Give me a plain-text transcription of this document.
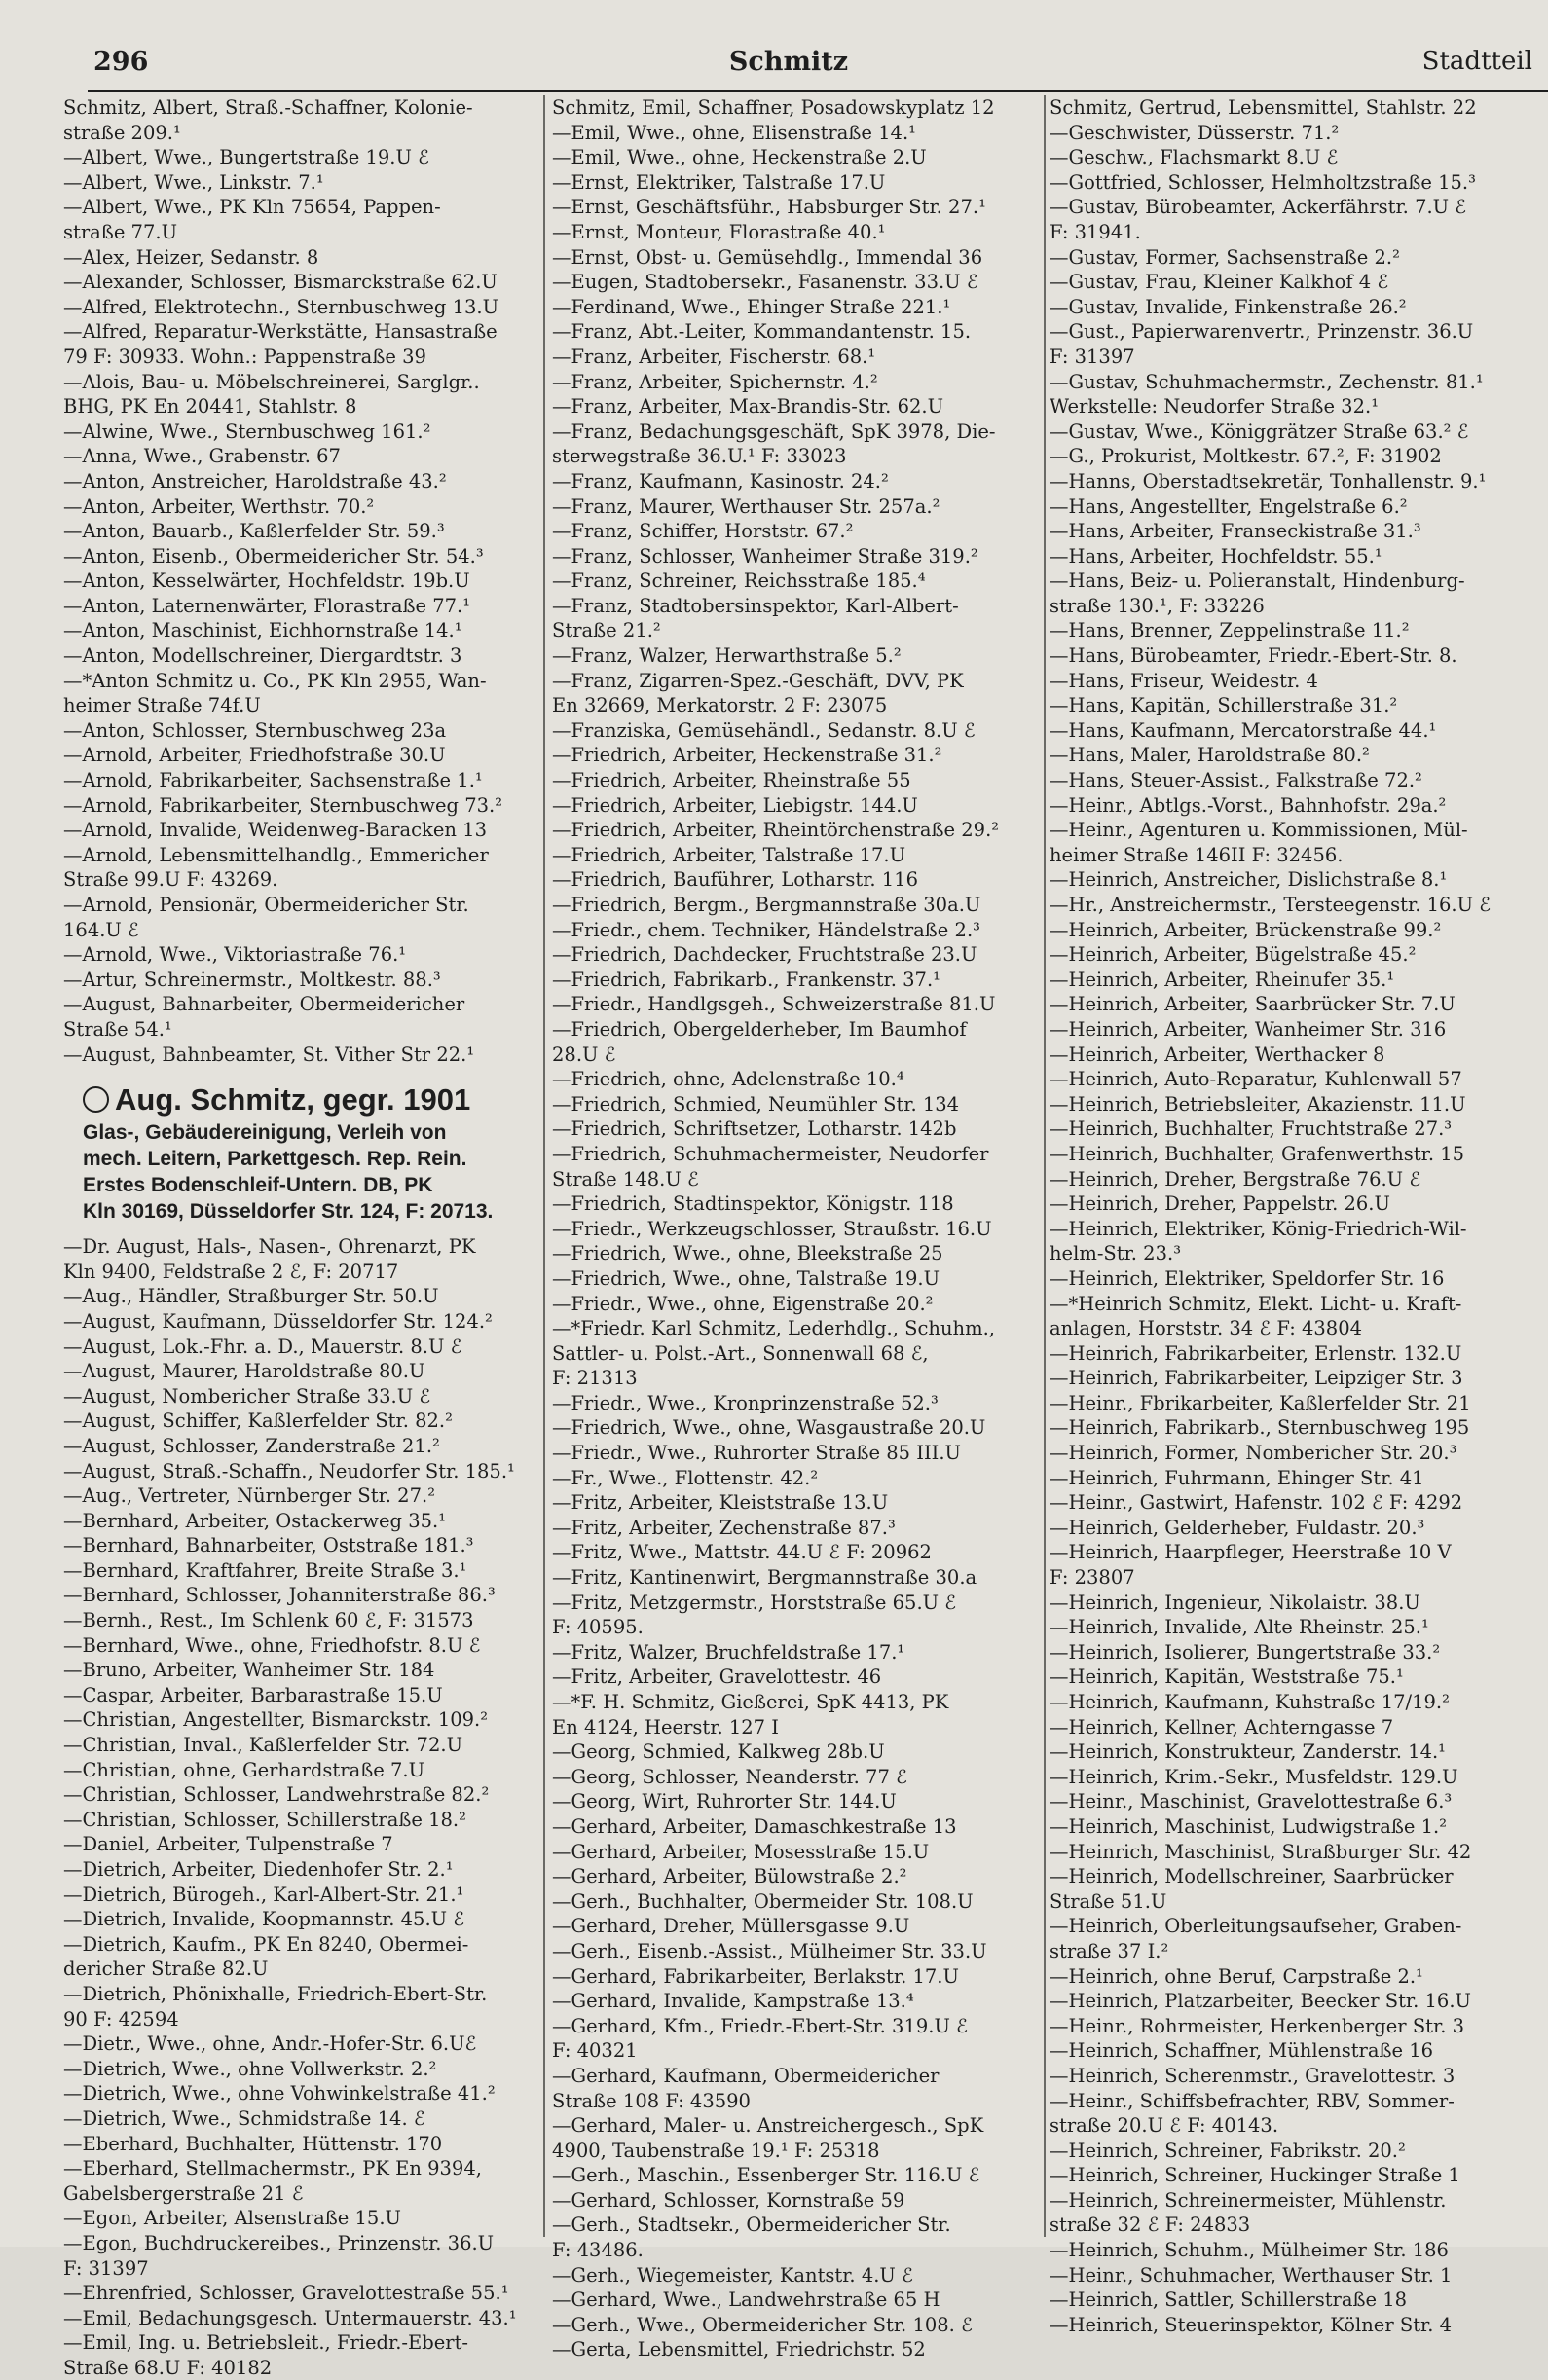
296	Schmitz	Stadtteil
Schmitz, Albert, Straß.-Schaffner, Kolonie-
straße 209.¹
—Albert, Wwe., Bungertstraße 19.U ℰ
—Albert, Wwe., Linkstr. 7.¹
—Albert, Wwe., PK Kln 75654, Pappen-
straße 77.U
—Alex, Heizer, Sedanstr. 8
—Alexander, Schlosser, Bismarckstraße 62.U
—Alfred, Elektrotechn., Sternbuschweg 13.U
—Alfred, Reparatur-Werkstätte, Hansastraße
79 F: 30933. Wohn.: Pappenstraße 39
—Alois, Bau- u. Möbelschreinerei, Sarglgr..
BHG, PK En 20441, Stahlstr. 8
—Alwine, Wwe., Sternbuschweg 161.²
—Anna, Wwe., Grabenstr. 67
—Anton, Anstreicher, Haroldstraße 43.²
—Anton, Arbeiter, Werthstr. 70.²
—Anton, Bauarb., Kaßlerfelder Str. 59.³
—Anton, Eisenb., Obermeidericher Str. 54.³
—Anton, Kesselwärter, Hochfeldstr. 19b.U
—Anton, Laternenwärter, Florastraße 77.¹
—Anton, Maschinist, Eichhornstraße 14.¹
—Anton, Modellschreiner, Diergardtstr. 3
—*Anton Schmitz u. Co., PK Kln 2955, Wan-
heimer Straße 74f.U
—Anton, Schlosser, Sternbuschweg 23a
—Arnold, Arbeiter, Friedhofstraße 30.U
—Arnold, Fabrikarbeiter, Sachsenstraße 1.¹
—Arnold, Fabrikarbeiter, Sternbuschweg 73.²
—Arnold, Invalide, Weidenweg-Baracken 13
—Arnold, Lebensmittelhandlg., Emmericher
Straße 99.U F: 43269.
—Arnold, Pensionär, Obermeidericher Str.
164.U ℰ
—Arnold, Wwe., Viktoriastraße 76.¹
—Artur, Schreinermstr., Moltkestr. 88.³
—August, Bahnarbeiter, Obermeidericher
Straße 54.¹
—August, Bahnbeamter, St. Vither Str 22.¹
Aug. Schmitz, gegr. 1901
Glas-, Gebäudereinigung, Verleih von
mech. Leitern, Parkettgesch. Rep. Rein.
Erstes Bodenschleif-Untern. DB, PK
Kln 30169, Düsseldorfer Str. 124, F: 20713.
—Dr. August, Hals-, Nasen-, Ohrenarzt, PK
Kln 9400, Feldstraße 2 ℰ, F: 20717
—Aug., Händler, Straßburger Str. 50.U
—August, Kaufmann, Düsseldorfer Str. 124.²
—August, Lok.-Fhr. a. D., Mauerstr. 8.U ℰ
—August, Maurer, Haroldstraße 80.U
—August, Nombericher Straße 33.U ℰ
—August, Schiffer, Kaßlerfelder Str. 82.²
—August, Schlosser, Zanderstraße 21.²
—August, Straß.-Schaffn., Neudorfer Str. 185.¹
—Aug., Vertreter, Nürnberger Str. 27.²
—Bernhard, Arbeiter, Ostackerweg 35.¹
—Bernhard, Bahnarbeiter, Oststraße 181.³
—Bernhard, Kraftfahrer, Breite Straße 3.¹
—Bernhard, Schlosser, Johanniterstraße 86.³
—Bernh., Rest., Im Schlenk 60 ℰ, F: 31573
—Bernhard, Wwe., ohne, Friedhofstr. 8.U ℰ
—Bruno, Arbeiter, Wanheimer Str. 184
—Caspar, Arbeiter, Barbarastraße 15.U
—Christian, Angestellter, Bismarckstr. 109.²
—Christian, Inval., Kaßlerfelder Str. 72.U
—Christian, ohne, Gerhardstraße 7.U
—Christian, Schlosser, Landwehrstraße 82.²
—Christian, Schlosser, Schillerstraße 18.²
—Daniel, Arbeiter, Tulpenstraße 7
—Dietrich, Arbeiter, Diedenhofer Str. 2.¹
—Dietrich, Bürogeh., Karl-Albert-Str. 21.¹
—Dietrich, Invalide, Koopmannstr. 45.U ℰ
—Dietrich, Kaufm., PK En 8240, Obermei-
dericher Straße 82.U
—Dietrich, Phönixhalle, Friedrich-Ebert-Str.
90 F: 42594
—Dietr., Wwe., ohne, Andr.-Hofer-Str. 6.Uℰ
—Dietrich, Wwe., ohne Vollwerkstr. 2.²
—Dietrich, Wwe., ohne Vohwinkelstraße 41.²
—Dietrich, Wwe., Schmidstraße 14. ℰ
—Eberhard, Buchhalter, Hüttenstr. 170
—Eberhard, Stellmachermstr., PK En 9394,
Gabelsbergerstraße 21 ℰ
—Egon, Arbeiter, Alsenstraße 15.U
—Egon, Buchdruckereibes., Prinzenstr. 36.U
F: 31397
—Ehrenfried, Schlosser, Gravelottestraße 55.¹
—Emil, Bedachungsgesch. Untermauerstr. 43.¹
—Emil, Ing. u. Betriebsleit., Friedr.-Ebert-
Straße 68.U F: 40182
Schmitz, Emil, Schaffner, Posadowskyplatz 12
—Emil, Wwe., ohne, Elisenstraße 14.¹
—Emil, Wwe., ohne, Heckenstraße 2.U
—Ernst, Elektriker, Talstraße 17.U
—Ernst, Geschäftsführ., Habsburger Str. 27.¹
—Ernst, Monteur, Florastraße 40.¹
—Ernst, Obst- u. Gemüsehdlg., Immendal 36
—Eugen, Stadtobersekr., Fasanenstr. 33.U ℰ
—Ferdinand, Wwe., Ehinger Straße 221.¹
—Franz, Abt.-Leiter, Kommandantenstr. 15.
—Franz, Arbeiter, Fischerstr. 68.¹
—Franz, Arbeiter, Spichernstr. 4.²
—Franz, Arbeiter, Max-Brandis-Str. 62.U
—Franz, Bedachungsgeschäft, SpK 3978, Die-
sterwegstraße 36.U.¹ F: 33023
—Franz, Kaufmann, Kasinostr. 24.²
—Franz, Maurer, Werthauser Str. 257a.²
—Franz, Schiffer, Horststr. 67.²
—Franz, Schlosser, Wanheimer Straße 319.²
—Franz, Schreiner, Reichsstraße 185.⁴
—Franz, Stadtobersinspektor, Karl-Albert-
Straße 21.²
—Franz, Walzer, Herwarthstraße 5.²
—Franz, Zigarren-Spez.-Geschäft, DVV, PK
En 32669, Merkatorstr. 2 F: 23075
—Franziska, Gemüsehändl., Sedanstr. 8.U ℰ
—Friedrich, Arbeiter, Heckenstraße 31.²
—Friedrich, Arbeiter, Rheinstraße 55
—Friedrich, Arbeiter, Liebigstr. 144.U
—Friedrich, Arbeiter, Rheintörchenstraße 29.²
—Friedrich, Arbeiter, Talstraße 17.U
—Friedrich, Bauführer, Lotharstr. 116
—Friedrich, Bergm., Bergmannstraße 30a.U
—Friedr., chem. Techniker, Händelstraße 2.³
—Friedrich, Dachdecker, Fruchtstraße 23.U
—Friedrich, Fabrikarb., Frankenstr. 37.¹
—Friedr., Handlgsgeh., Schweizerstraße 81.U
—Friedrich, Obergelderheber, Im Baumhof
28.U ℰ
—Friedrich, ohne, Adelenstraße 10.⁴
—Friedrich, Schmied, Neumühler Str. 134
—Friedrich, Schriftsetzer, Lotharstr. 142b
—Friedrich, Schuhmachermeister, Neudorfer
Straße 148.U ℰ
—Friedrich, Stadtinspektor, Königstr. 118
—Friedr., Werkzeugschlosser, Straußstr. 16.U
—Friedrich, Wwe., ohne, Bleekstraße 25
—Friedrich, Wwe., ohne, Talstraße 19.U
—Friedr., Wwe., ohne, Eigenstraße 20.²
—*Friedr. Karl Schmitz, Lederhdlg., Schuhm.,
Sattler- u. Polst.-Art., Sonnenwall 68 ℰ,
F: 21313
—Friedr., Wwe., Kronprinzenstraße 52.³
—Friedrich, Wwe., ohne, Wasgaustraße 20.U
—Friedr., Wwe., Ruhrorter Straße 85 III.U
—Fr., Wwe., Flottenstr. 42.²
—Fritz, Arbeiter, Kleiststraße 13.U
—Fritz, Arbeiter, Zechenstraße 87.³
—Fritz, Wwe., Mattstr. 44.U ℰ F: 20962
—Fritz, Kantinenwirt, Bergmannstraße 30.a
—Fritz, Metzgermstr., Horststraße 65.U ℰ
F: 40595.
—Fritz, Walzer, Bruchfeldstraße 17.¹
—Fritz, Arbeiter, Gravelottestr. 46
—*F. H. Schmitz, Gießerei, SpK 4413, PK
En 4124, Heerstr. 127 I
—Georg, Schmied, Kalkweg 28b.U
—Georg, Schlosser, Neanderstr. 77 ℰ
—Georg, Wirt, Ruhrorter Str. 144.U
—Gerhard, Arbeiter, Damaschkestraße 13
—Gerhard, Arbeiter, Mosesstraße 15.U
—Gerhard, Arbeiter, Bülowstraße 2.²
—Gerh., Buchhalter, Obermeider Str. 108.U
—Gerhard, Dreher, Müllersgasse 9.U
—Gerh., Eisenb.-Assist., Mülheimer Str. 33.U
—Gerhard, Fabrikarbeiter, Berlakstr. 17.U
—Gerhard, Invalide, Kampstraße 13.⁴
—Gerhard, Kfm., Friedr.-Ebert-Str. 319.U ℰ
F: 40321
—Gerhard, Kaufmann, Obermeidericher
Straße 108 F: 43590
—Gerhard, Maler- u. Anstreichergesch., SpK
4900, Taubenstraße 19.¹ F: 25318
—Gerh., Maschin., Essenberger Str. 116.U ℰ
—Gerhard, Schlosser, Kornstraße 59
—Gerh., Stadtsekr., Obermeidericher Str.
F: 43486.
—Gerh., Wiegemeister, Kantstr. 4.U ℰ
—Gerhard, Wwe., Landwehrstraße 65 H
—Gerh., Wwe., Obermeidericher Str. 108. ℰ
—Gerta, Lebensmittel, Friedrichstr. 52
Schmitz, Gertrud, Lebensmittel, Stahlstr. 22
—Geschwister, Düsserstr. 71.²
—Geschw., Flachsmarkt 8.U ℰ
—Gottfried, Schlosser, Helmholtzstraße 15.³
—Gustav, Bürobeamter, Ackerfährstr. 7.U ℰ
F: 31941.
—Gustav, Former, Sachsenstraße 2.²
—Gustav, Frau, Kleiner Kalkhof 4 ℰ
—Gustav, Invalide, Finkenstraße 26.²
—Gust., Papierwarenvertr., Prinzenstr. 36.U
F: 31397
—Gustav, Schuhmachermstr., Zechenstr. 81.¹
Werkstelle: Neudorfer Straße 32.¹
—Gustav, Wwe., Königgrätzer Straße 63.² ℰ
—G., Prokurist, Moltkestr. 67.², F: 31902
—Hanns, Oberstadtsekretär, Tonhallenstr. 9.¹
—Hans, Angestellter, Engelstraße 6.²
—Hans, Arbeiter, Franseckistraße 31.³
—Hans, Arbeiter, Hochfeldstr. 55.¹
—Hans, Beiz- u. Polieranstalt, Hindenburg-
straße 130.¹, F: 33226
—Hans, Brenner, Zeppelinstraße 11.²
—Hans, Bürobeamter, Friedr.-Ebert-Str. 8.
—Hans, Friseur, Weidestr. 4
—Hans, Kapitän, Schillerstraße 31.²
—Hans, Kaufmann, Mercatorstraße 44.¹
—Hans, Maler, Haroldstraße 80.²
—Hans, Steuer-Assist., Falkstraße 72.²
—Heinr., Abtlgs.-Vorst., Bahnhofstr. 29a.²
—Heinr., Agenturen u. Kommissionen, Mül-
heimer Straße 146II F: 32456.
—Heinrich, Anstreicher, Dislichstraße 8.¹
—Hr., Anstreichermstr., Tersteegenstr. 16.U ℰ
—Heinrich, Arbeiter, Brückenstraße 99.²
—Heinrich, Arbeiter, Bügelstraße 45.²
—Heinrich, Arbeiter, Rheinufer 35.¹
—Heinrich, Arbeiter, Saarbrücker Str. 7.U
—Heinrich, Arbeiter, Wanheimer Str. 316
—Heinrich, Arbeiter, Werthacker 8
—Heinrich, Auto-Reparatur, Kuhlenwall 57
—Heinrich, Betriebsleiter, Akazienstr. 11.U
—Heinrich, Buchhalter, Fruchtstraße 27.³
—Heinrich, Buchhalter, Grafenwerthstr. 15
—Heinrich, Dreher, Bergstraße 76.U ℰ
—Heinrich, Dreher, Pappelstr. 26.U
—Heinrich, Elektriker, König-Friedrich-Wil-
helm-Str. 23.³
—Heinrich, Elektriker, Speldorfer Str. 16
—*Heinrich Schmitz, Elekt. Licht- u. Kraft-
anlagen, Horststr. 34 ℰ F: 43804
—Heinrich, Fabrikarbeiter, Erlenstr. 132.U
—Heinrich, Fabrikarbeiter, Leipziger Str. 3
—Heinr., Fbrikarbeiter, Kaßlerfelder Str. 21
—Heinrich, Fabrikarb., Sternbuschweg 195
—Heinrich, Former, Nombericher Str. 20.³
—Heinrich, Fuhrmann, Ehinger Str. 41
—Heinr., Gastwirt, Hafenstr. 102 ℰ F: 4292
—Heinrich, Gelderheber, Fuldastr. 20.³
—Heinrich, Haarpfleger, Heerstraße 10 V
F: 23807
—Heinrich, Ingenieur, Nikolaistr. 38.U
—Heinrich, Invalide, Alte Rheinstr. 25.¹
—Heinrich, Isolierer, Bungertstraße 33.²
—Heinrich, Kapitän, Weststraße 75.¹
—Heinrich, Kaufmann, Kuhstraße 17/19.²
—Heinrich, Kellner, Achterngasse 7
—Heinrich, Konstrukteur, Zanderstr. 14.¹
—Heinrich, Krim.-Sekr., Musfeldstr. 129.U
—Heinr., Maschinist, Gravelottestraße 6.³
—Heinrich, Maschinist, Ludwigstraße 1.²
—Heinrich, Maschinist, Straßburger Str. 42
—Heinrich, Modellschreiner, Saarbrücker
Straße 51.U
—Heinrich, Oberleitungsaufseher, Graben-
straße 37 I.²
—Heinrich, ohne Beruf, Carpstraße 2.¹
—Heinrich, Platzarbeiter, Beecker Str. 16.U
—Heinr., Rohrmeister, Herkenberger Str. 3
—Heinrich, Schaffner, Mühlenstraße 16
—Heinrich, Scherenmstr., Gravelottestr. 3
—Heinr., Schiffsbefrachter, RBV, Sommer-
straße 20.U ℰ F: 40143.
—Heinrich, Schreiner, Fabrikstr. 20.²
—Heinrich, Schreiner, Huckinger Straße 1
—Heinrich, Schreinermeister, Mühlenstr.
straße 32 ℰ F: 24833
—Heinrich, Schuhm., Mülheimer Str. 186
—Heinr., Schuhmacher, Werthauser Str. 1
—Heinrich, Sattler, Schillerstraße 18
—Heinrich, Steuerinspektor, Kölner Str. 4
